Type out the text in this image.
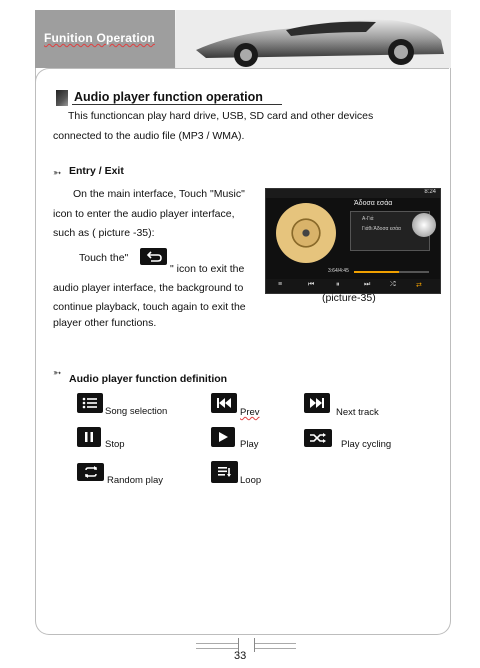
Funition Operation
Audio player function operation
This functioncan play hard drive, USB, SD card and other devices
connected to the audio file (MP3 / WMA).
➳ Entry / Exit
On the main interface, Touch "Music"
icon to enter the audio player interface,
such as ( picture -35):
Touch the"
" icon to exit the
audio player interface, the background to
continue playback, touch again to exit the
player other functions.
8:24
Άδοσα εσάα
A-Γιά
Γιάθι Άδοσα εσάα
3:64/4:45
≡	⏮	⏸	⏭	⤮	⇄
(picture-35)
➳ Audio player function definition
Song selection	Prev	Next track
Stop	Play	Play cycling
Random play	Loop
33
